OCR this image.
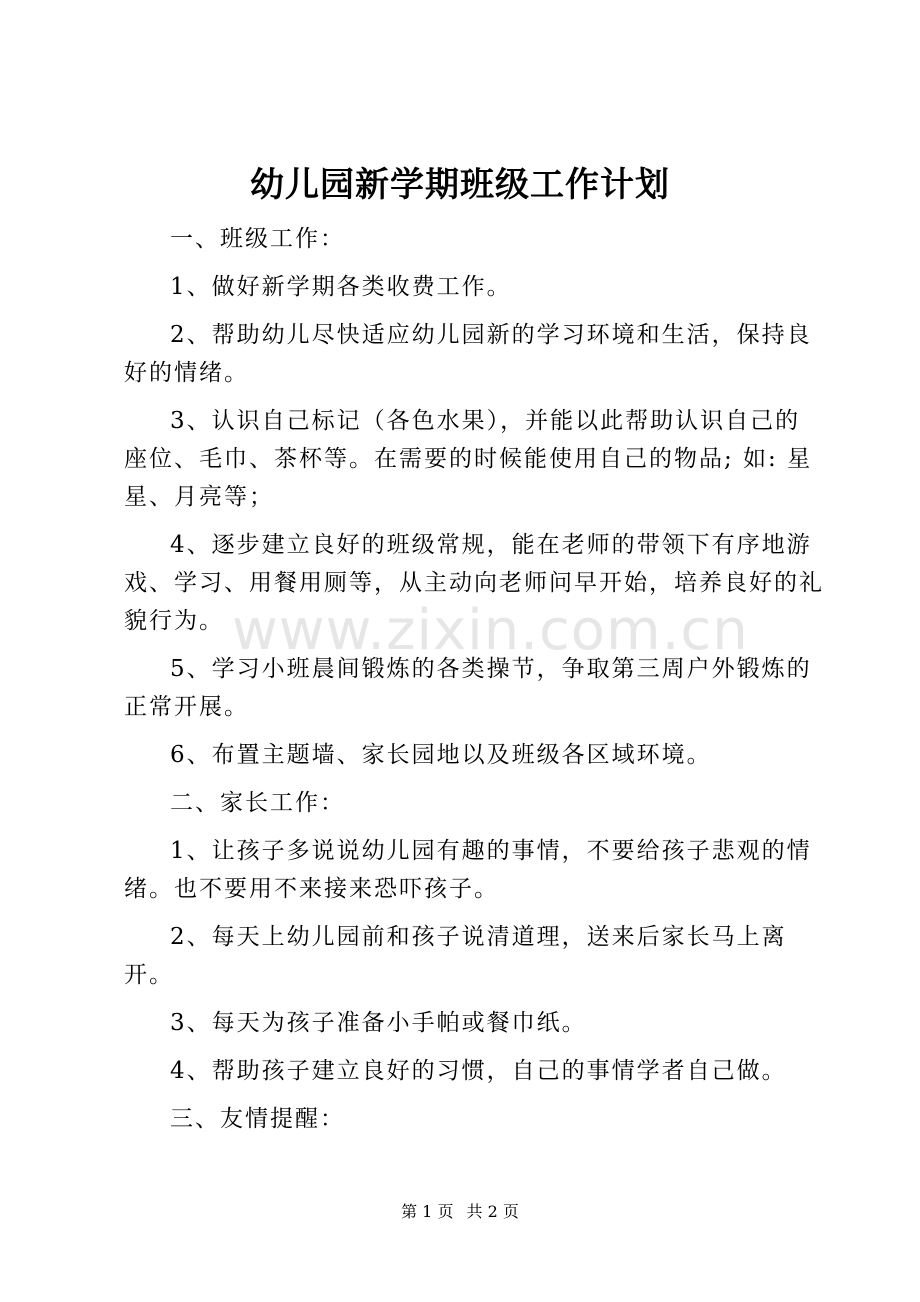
幼儿园新学期班级工作计划

一、班级工作：

1、做好新学期各类收费工作。

2、帮助幼儿尽快适应幼儿园新的学习环境和生活，保持良好的情绪。

3、认识自己标记（各色水果），并能以此帮助认识自己的座位、毛巾、茶杯等。在需要的时候能使用自己的物品; 如: 星星、月亮等；

4、逐步建立良好的班级常规，能在老师的带领下有序地游戏、学习、用餐用厕等，从主动向老师问早开始，培养良好的礼貌行为。

5、学习小班晨间锻炼的各类操节，争取第三周户外锻炼的正常开展。

6、布置主题墙、家长园地以及班级各区域环境。

二、家长工作：

1、让孩子多说说幼儿园有趣的事情，不要给孩子悲观的情绪。也不要用不来接来恐吓孩子。

2、每天上幼儿园前和孩子说清道理，送来后家长马上离开。

3、每天为孩子准备小手帕或餐巾纸。

4、帮助孩子建立良好的习惯，自己的事情学者自己做。

三、友情提醒：

www.zixin.com.cn
第 1 页 共 2 页
